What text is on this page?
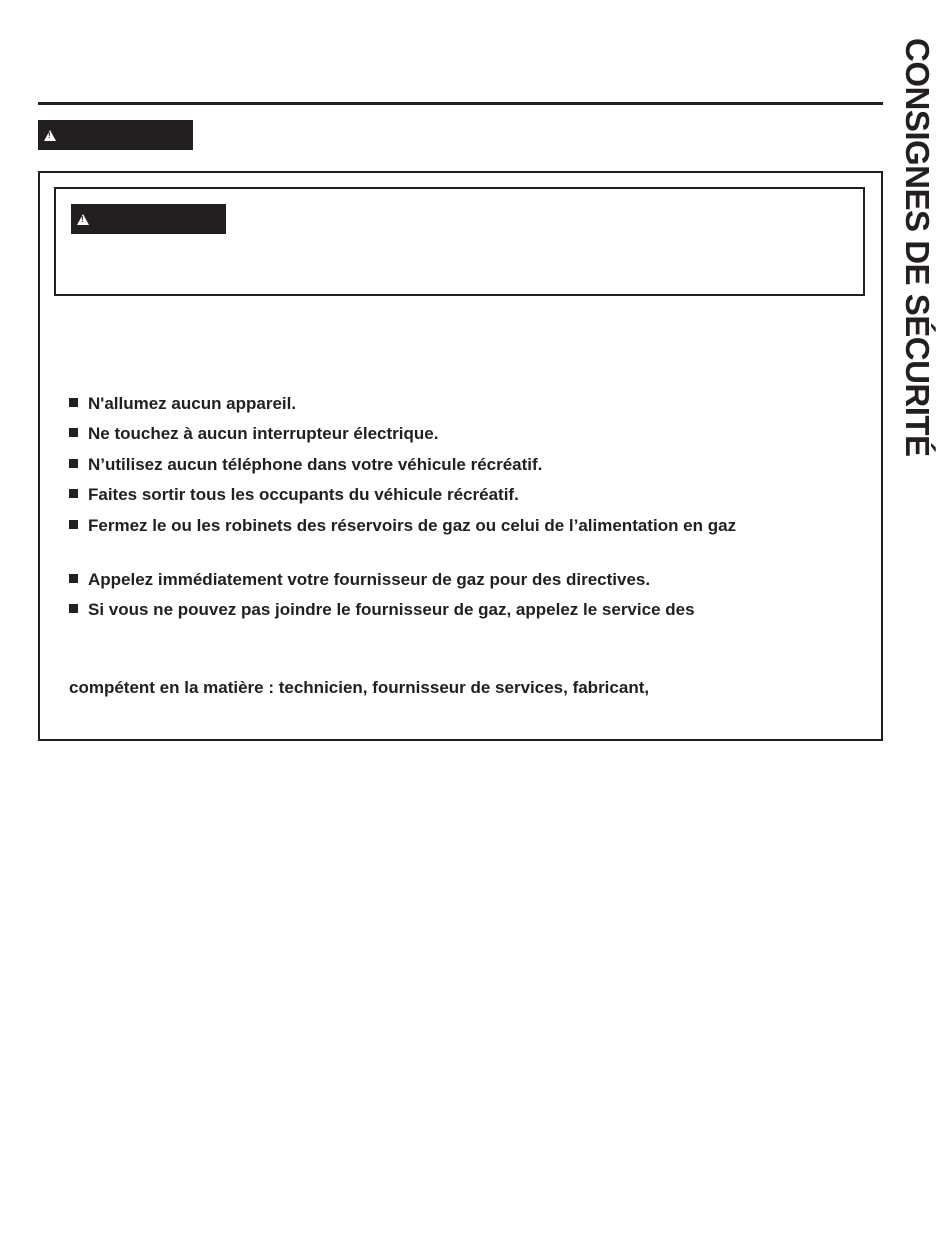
!
!
N'allumez aucun appareil.
Ne touchez à aucun interrupteur électrique.
N’utilisez aucun téléphone dans votre véhicule récréatif.
Faites sortir tous les occupants du véhicule récréatif.
Fermez le ou les robinets des réservoirs de gaz ou celui de l’alimentation en gaz
Appelez immédiatement votre fournisseur de gaz pour des directives.
Si vous ne pouvez pas joindre le fournisseur de gaz, appelez le service des
compétent en la matière : technicien, fournisseur de services, fabricant,
CONSIGNES DE SÉCURITÉ
